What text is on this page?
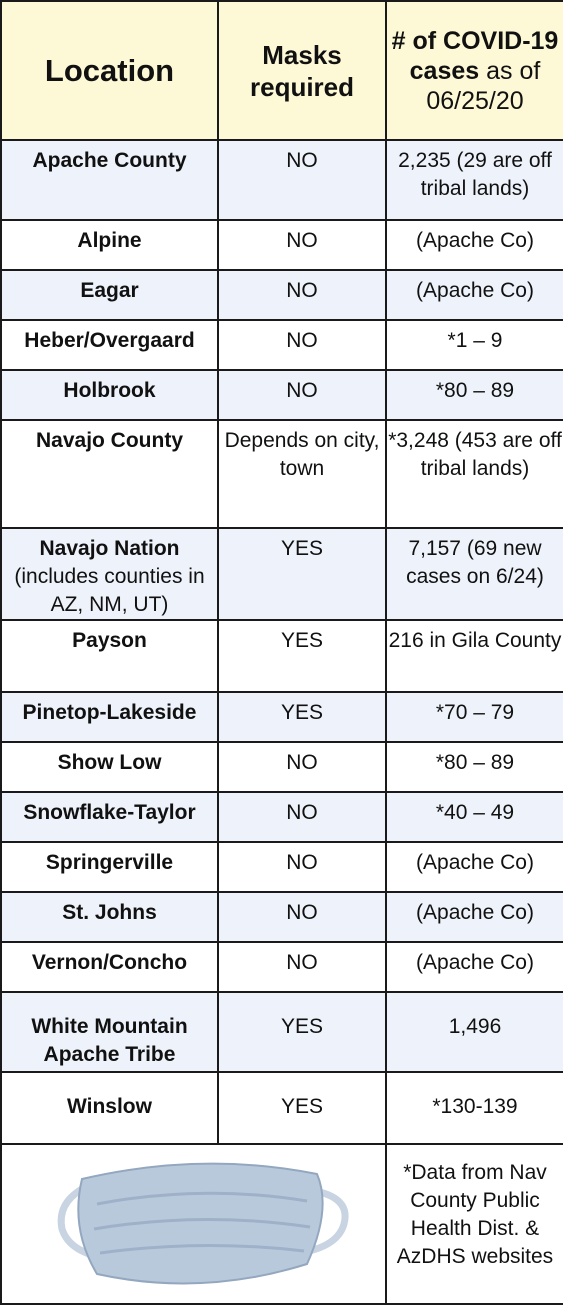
Location	Masks required	# of COVID-19 cases as of 06/25/20

Apache County	NO	2,235 (29 are off tribal lands)

Alpine	NO	(Apache Co)

Eagar	NO	(Apache Co)

Heber/Overgaard	NO	*1 – 9

Holbrook	NO	*80 – 89

Navajo County	Depends on city, town	*3,248 (453 are off tribal lands)

Navajo Nation
(includes counties in AZ, NM, UT)	YES	7,157 (69 new cases on 6/24)

Payson	YES	216 in Gila County

Pinetop-Lakeside	YES	*70 – 79

Show Low	NO	*80 – 89

Snowflake-Taylor	NO	*40 – 49

Springerville	NO	(Apache Co)

St. Johns	NO	(Apache Co)

Vernon/Concho	NO	(Apache Co)

White Mountain Apache Tribe	YES	1,496

Winslow	YES	*130-139

	*Data from Nav County Public Health Dist. & AzDHS websites
